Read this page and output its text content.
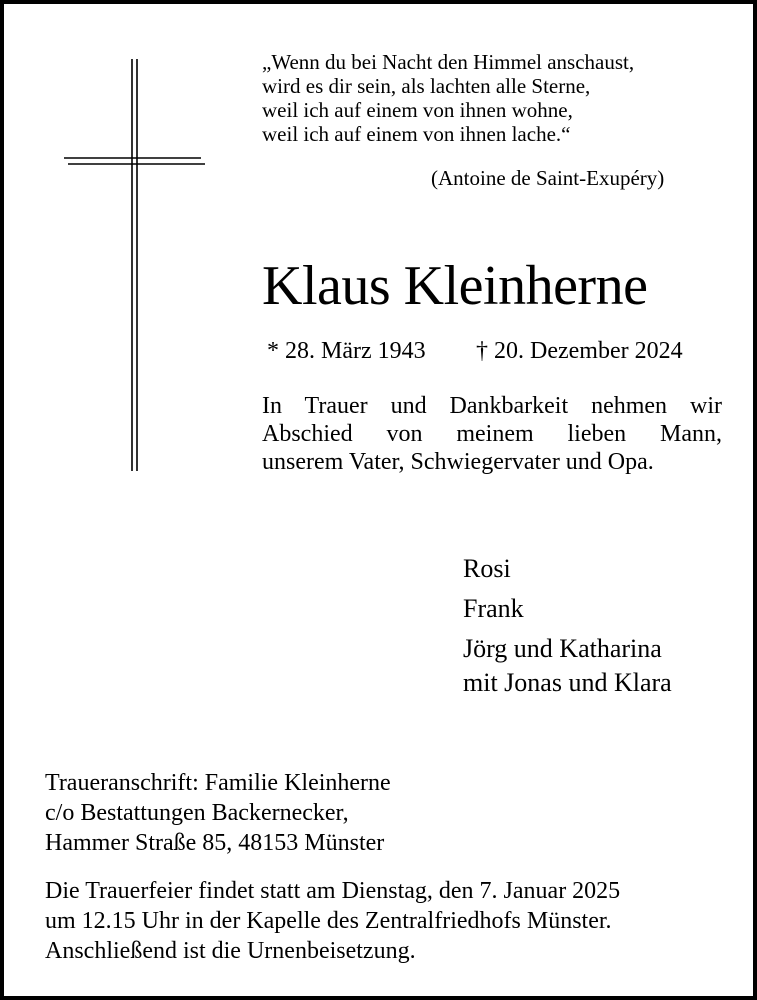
„Wenn du bei Nacht den Himmel anschaust,
wird es dir sein, als lachten alle Sterne,
weil ich auf einem von ihnen wohne,
weil ich auf einem von ihnen lache.“
(Antoine de Saint-Exupéry)
Klaus Kleinherne
* 28. März 1943 † 20. Dezember 2024
In Trauer und Dankbarkeit nehmen wir
Abschied von meinem lieben Mann,
unserem Vater, Schwiegervater und Opa.
Rosi
Frank
Jörg und Katharina
mit Jonas und Klara
Traueranschrift: Familie Kleinherne
c/o Bestattungen Backernecker,
Hammer Straße 85, 48153 Münster
Die Trauerfeier findet statt am Dienstag, den 7. Januar 2025
um 12.15 Uhr in der Kapelle des Zentralfriedhofs Münster.
Anschließend ist die Urnenbeisetzung.
